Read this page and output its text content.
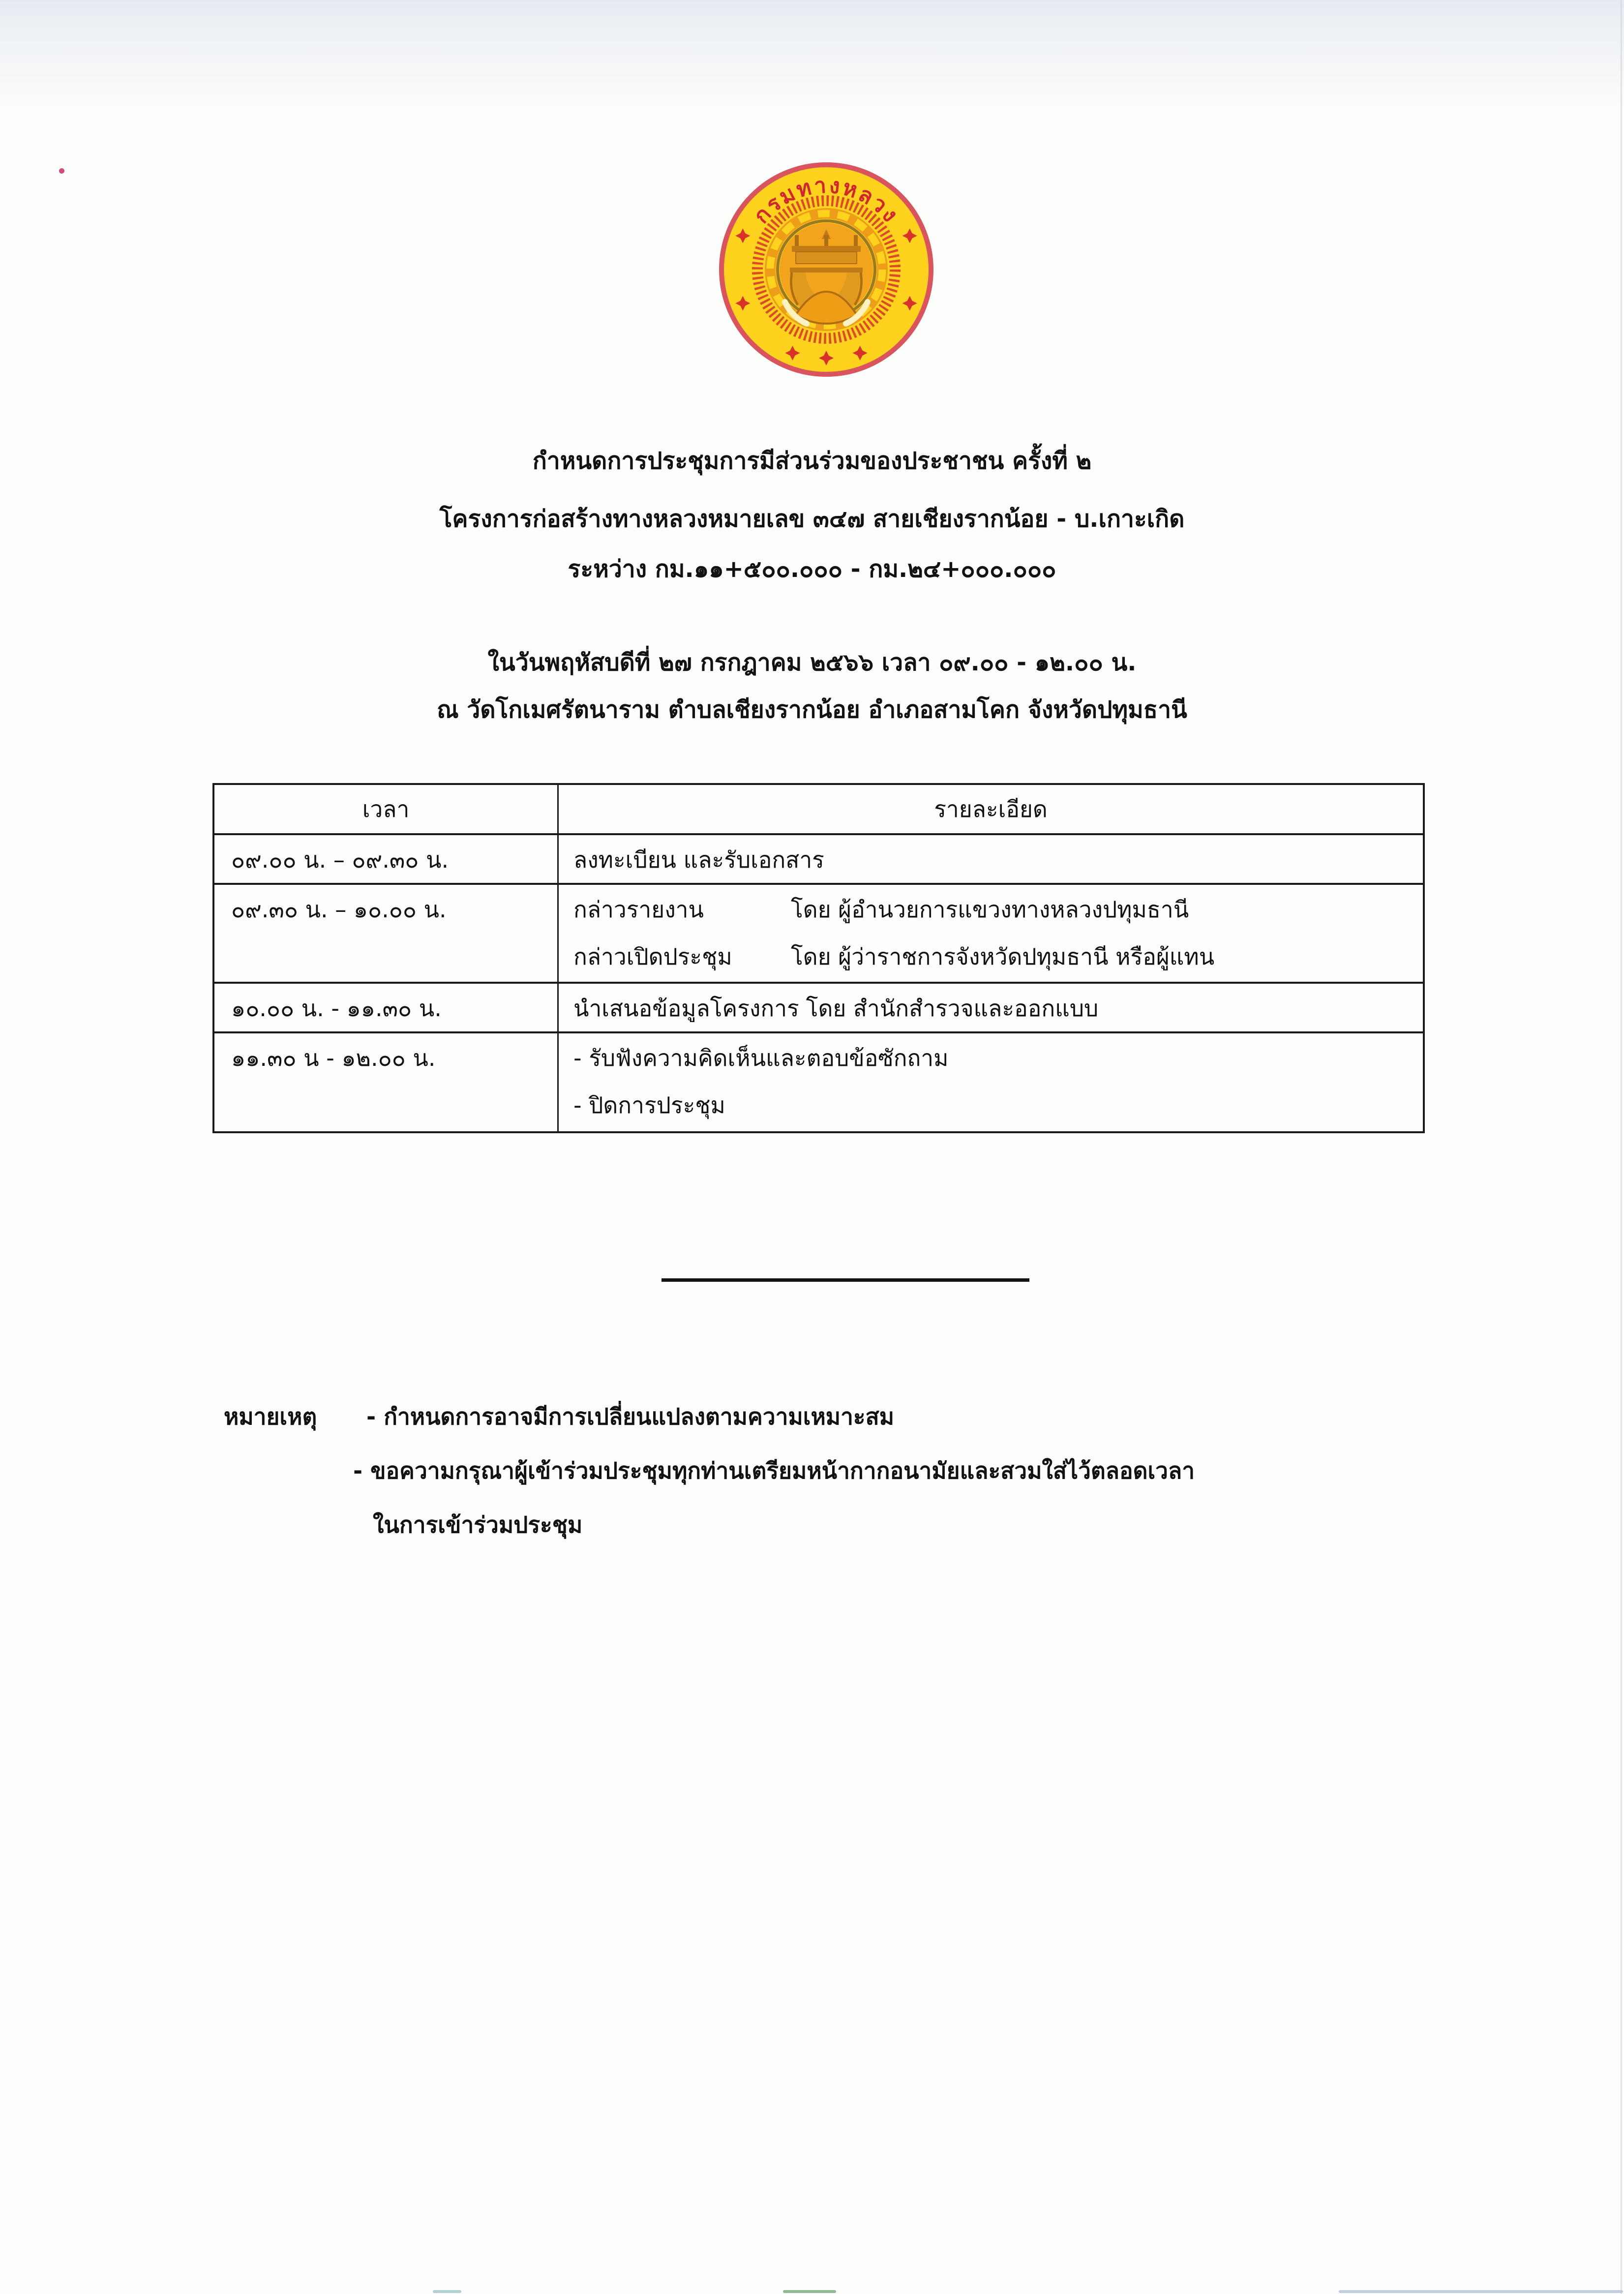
กรมทางหลวง
กำหนดการประชุมการมีส่วนร่วมของประชาชน ครั้งที่ ๒
โครงการก่อสร้างทางหลวงหมายเลข ๓๔๗ สายเชียงรากน้อย - บ.เกาะเกิด
ระหว่าง กม.๑๑+๕๐๐.๐๐๐ - กม.๒๔+๐๐๐.๐๐๐
ในวันพฤหัสบดีที่ ๒๗ กรกฎาคม ๒๕๖๖ เวลา ๐๙.๐๐ - ๑๒.๐๐ น.
ณ วัดโกเมศรัตนาราม ตำบลเชียงรากน้อย อำเภอสามโคก จังหวัดปทุมธานี
เวลา	รายละเอียด
๐๙.๐๐ น. – ๐๙.๓๐ น.	ลงทะเบียน และรับเอกสาร
๐๙.๓๐ น. – ๑๐.๐๐ น.	กล่าวรายงาน	โดย ผู้อำนวยการแขวงทางหลวงปทุมธานี
กล่าวเปิดประชุม	โดย ผู้ว่าราชการจังหวัดปทุมธานี หรือผู้แทน
๑๐.๐๐ น. - ๑๑.๓๐ น.	นำเสนอข้อมูลโครงการ โดย สำนักสำรวจและออกแบบ
๑๑.๓๐ น - ๑๒.๐๐ น.	- รับฟังความคิดเห็นและตอบข้อซักถาม
- ปิดการประชุม
หมายเหตุ - กำหนดการอาจมีการเปลี่ยนแปลงตามความเหมาะสม
- ขอความกรุณาผู้เข้าร่วมประชุมทุกท่านเตรียมหน้ากากอนามัยและสวมใส่ไว้ตลอดเวลา
ในการเข้าร่วมประชุม
